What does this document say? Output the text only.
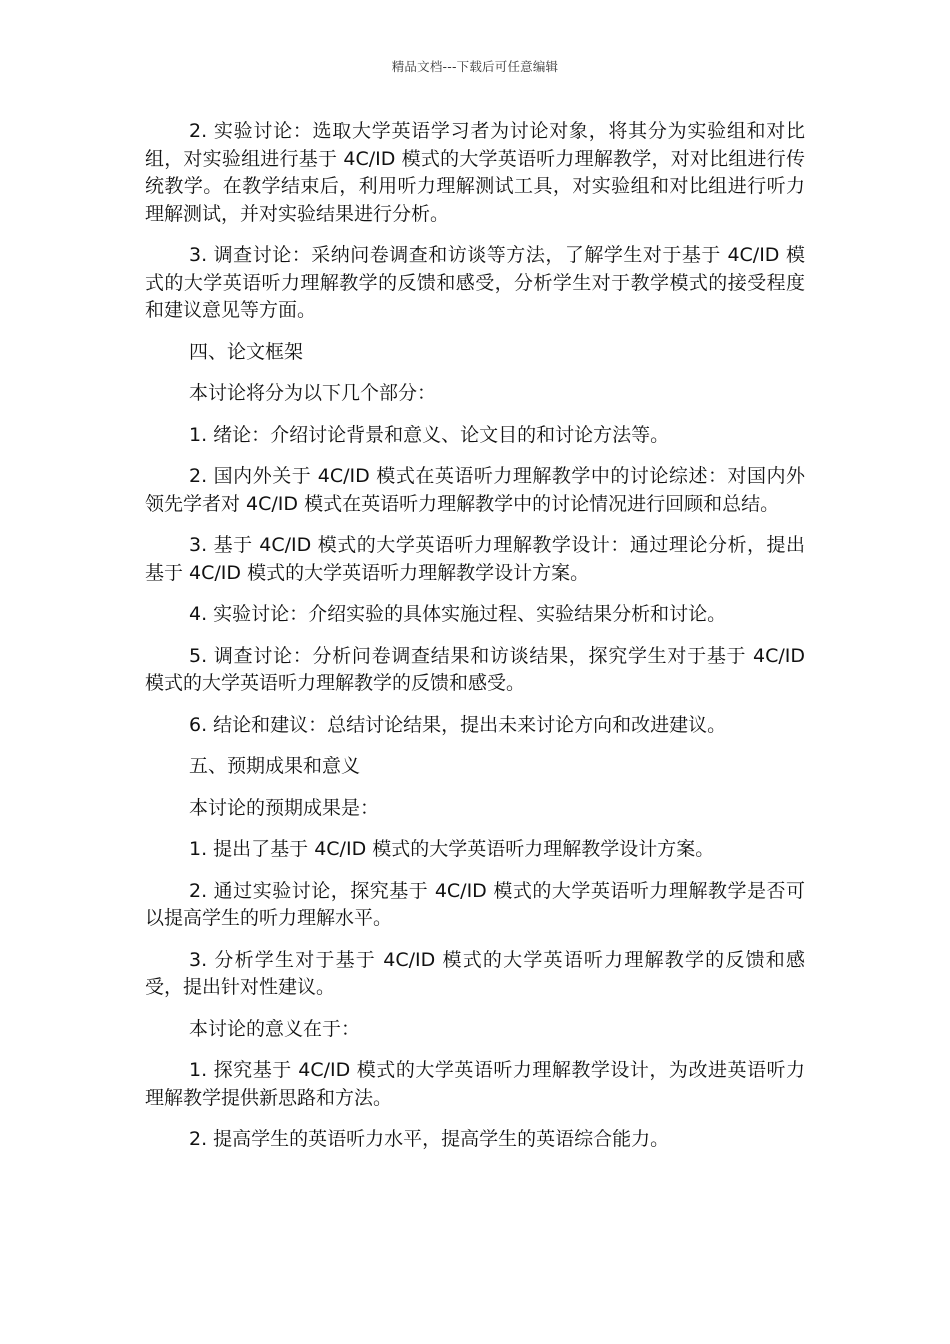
精品文档---下载后可任意编辑

2. 实验讨论：选取大学英语学习者为讨论对象，将其分为实验组和对比组，对实验组进行基于 4C/ID 模式的大学英语听力理解教学，对对比组进行传统教学。在教学结束后，利用听力理解测试工具，对实验组和对比组进行听力理解测试，并对实验结果进行分析。

3. 调查讨论：采纳问卷调查和访谈等方法，了解学生对于基于 4C/ID 模式的大学英语听力理解教学的反馈和感受，分析学生对于教学模式的接受程度和建议意见等方面。

四、论文框架

本讨论将分为以下几个部分：

1. 绪论：介绍讨论背景和意义、论文目的和讨论方法等。

2. 国内外关于 4C/ID 模式在英语听力理解教学中的讨论综述：对国内外领先学者对 4C/ID 模式在英语听力理解教学中的讨论情况进行回顾和总结。

3. 基于 4C/ID 模式的大学英语听力理解教学设计：通过理论分析，提出基于 4C/ID 模式的大学英语听力理解教学设计方案。

4. 实验讨论：介绍实验的具体实施过程、实验结果分析和讨论。

5. 调查讨论：分析问卷调查结果和访谈结果，探究学生对于基于 4C/ID 模式的大学英语听力理解教学的反馈和感受。

6. 结论和建议：总结讨论结果，提出未来讨论方向和改进建议。

五、预期成果和意义

本讨论的预期成果是：

1. 提出了基于 4C/ID 模式的大学英语听力理解教学设计方案。

2. 通过实验讨论，探究基于 4C/ID 模式的大学英语听力理解教学是否可以提高学生的听力理解水平。

3. 分析学生对于基于 4C/ID 模式的大学英语听力理解教学的反馈和感受，提出针对性建议。

本讨论的意义在于：

1. 探究基于 4C/ID 模式的大学英语听力理解教学设计，为改进英语听力理解教学提供新思路和方法。

2. 提高学生的英语听力水平，提高学生的英语综合能力。
